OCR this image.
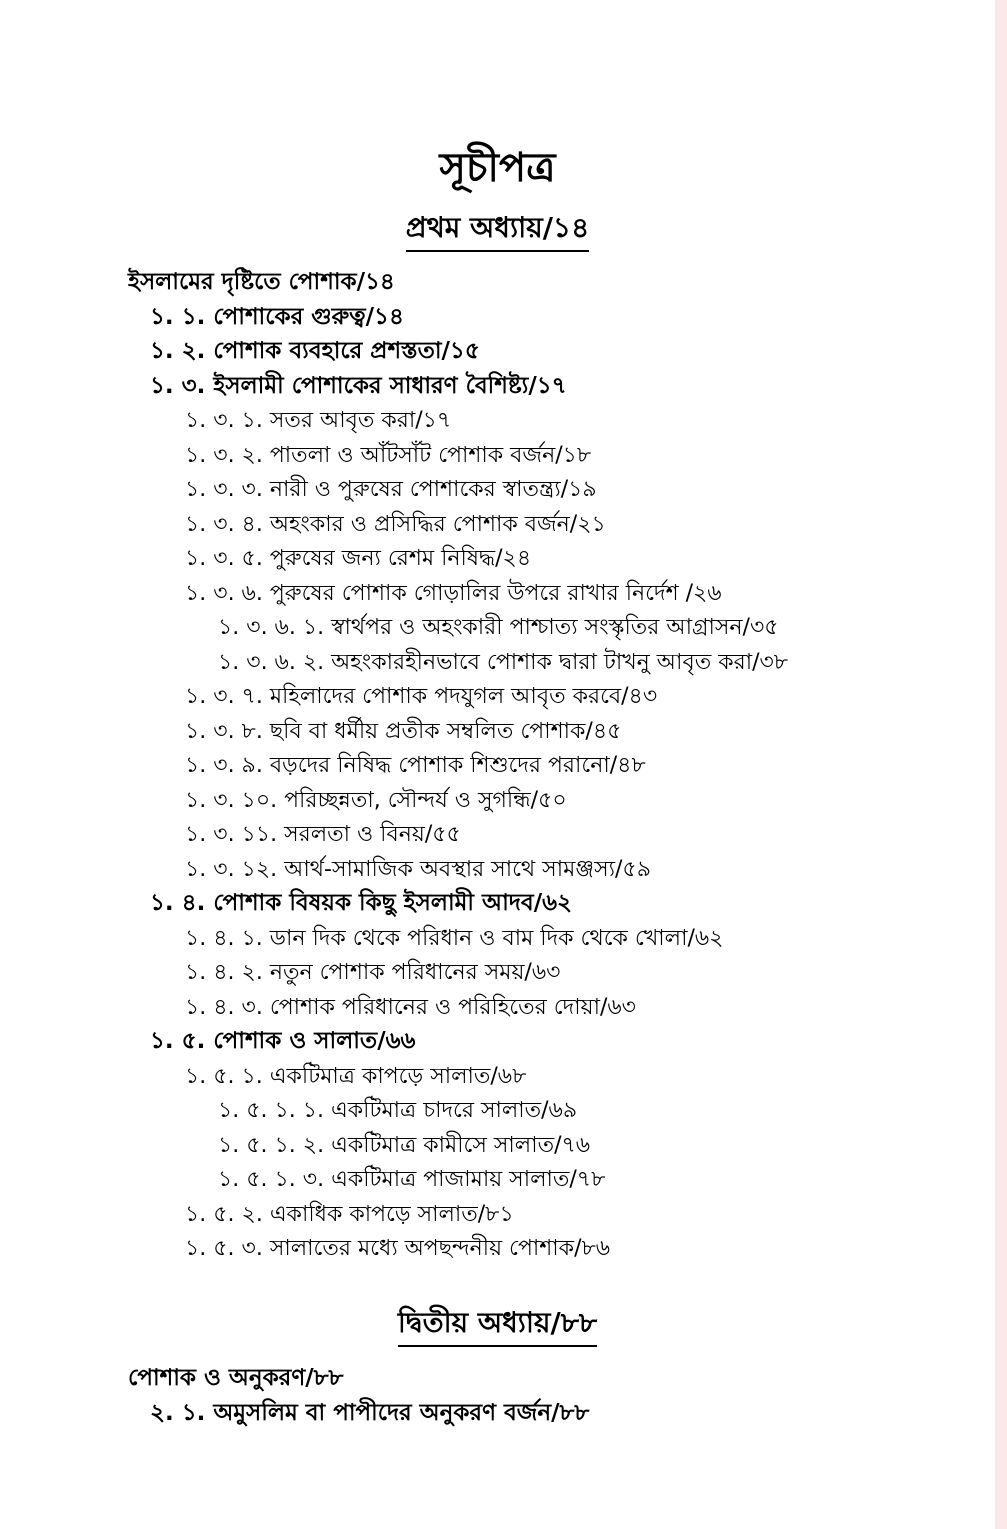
সূচীপত্র
প্রথম অধ্যায়/১৪
ইসলামের দৃষ্টিতে পোশাক/১৪
১. ১. পোশাকের গুরুত্ব/১৪
১. ২. পোশাক ব্যবহারে প্রশস্ততা/১৫
১. ৩. ইসলামী পোশাকের সাধারণ বৈশিষ্ট্য/১৭
১. ৩. ১. সতর আবৃত করা/১৭
১. ৩. ২. পাতলা ও আঁটসাঁট পোশাক বর্জন/১৮
১. ৩. ৩. নারী ও পুরুষের পোশাকের স্বাতন্ত্র্য/১৯
১. ৩. ৪. অহংকার ও প্রসিদ্ধির পোশাক বর্জন/২১
১. ৩. ৫. পুরুষের জন্য রেশম নিষিদ্ধ/২৪
১. ৩. ৬. পুরুষের পোশাক গোড়ালির উপরে রাখার নির্দেশ /২৬
১. ৩. ৬. ১. স্বার্থপর ও অহংকারী পাশ্চাত্য সংস্কৃতির আগ্রাসন/৩৫
১. ৩. ৬. ২. অহংকারহীনভাবে পোশাক দ্বারা টাখনু আবৃত করা/৩৮
১. ৩. ৭. মহিলাদের পোশাক পদযুগল আবৃত করবে/৪৩
১. ৩. ৮. ছবি বা ধর্মীয় প্রতীক সম্বলিত পোশাক/৪৫
১. ৩. ৯. বড়দের নিষিদ্ধ পোশাক শিশুদের পরানো/৪৮
১. ৩. ১০. পরিচ্ছন্নতা, সৌন্দর্য ও সুগন্ধি/৫০
১. ৩. ১১. সরলতা ও বিনয়/৫৫
১. ৩. ১২. আর্থ-সামাজিক অবস্থার সাথে সামঞ্জস্য/৫৯
১. ৪. পোশাক বিষয়ক কিছু ইসলামী আদব/৬২
১. ৪. ১. ডান দিক থেকে পরিধান ও বাম দিক থেকে খোলা/৬২
১. ৪. ২. নতুন পোশাক পরিধানের সময়/৬৩
১. ৪. ৩. পোশাক পরিধানের ও পরিহিতের দোয়া/৬৩
১. ৫. পোশাক ও সালাত/৬৬
১. ৫. ১. একটিমাত্র কাপড়ে সালাত/৬৮
১. ৫. ১. ১. একটিমাত্র চাদরে সালাত/৬৯
১. ৫. ১. ২. একটিমাত্র কামীসে সালাত/৭৬
১. ৫. ১. ৩. একটিমাত্র পাজামায় সালাত/৭৮
১. ৫. ২. একাধিক কাপড়ে সালাত/৮১
১. ৫. ৩. সালাতের মধ্যে অপছন্দনীয় পোশাক/৮৬
দ্বিতীয় অধ্যায়/৮৮
পোশাক ও অনুকরণ/৮৮
২. ১. অমুসলিম বা পাপীদের অনুকরণ বর্জন/৮৮
